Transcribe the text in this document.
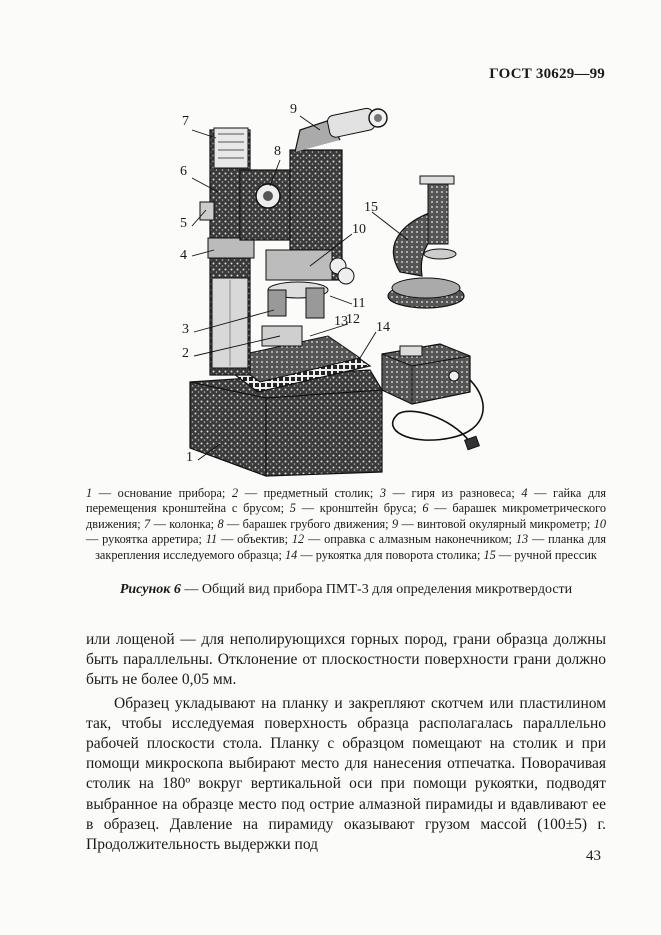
ГОСТ 30629—99
7
6
5
4
8
9
10
11
12
3
2
13 14
15
1
1 — основание прибора; 2 — предметный столик; 3 — гиря из разновеса; 4 — гайка для перемещения кронштейна с брусом; 5 — кронштейн бруса; 6 — барашек микрометрического движения; 7 — колонка; 8 — барашек грубого движения; 9 — винтовой окулярный микрометр; 10 — рукоятка арретира; 11 — объектив; 12 — оправка с алмазным наконечником; 13 — планка для закрепления исследуемого образца; 14 — рукоятка для поворота столика; 15 — ручной прессик
Рисунок 6 — Общий вид прибора ПМТ-3 для определения микротвердости

или лощеной — для неполирующихся горных пород, грани образца должны быть параллельны. Отклонение от плоскостности поверхности грани должно быть не более 0,05 мм.

Образец укладывают на планку и закрепляют скотчем или пластилином так, чтобы исследуемая поверхность образца располагалась параллельно рабочей плоскости стола. Планку с образцом помещают на столик и при помощи микроскопа выбирают место для нанесения отпечатка. Поворачивая столик на 180º вокруг вертикальной оси при помощи рукоятки, подводят выбранное на образце место под острие алмазной пирамиды и вдавливают ее в образец. Давление на пирамиду оказывают грузом массой (100±5) г. Продолжительность выдержки под

43
